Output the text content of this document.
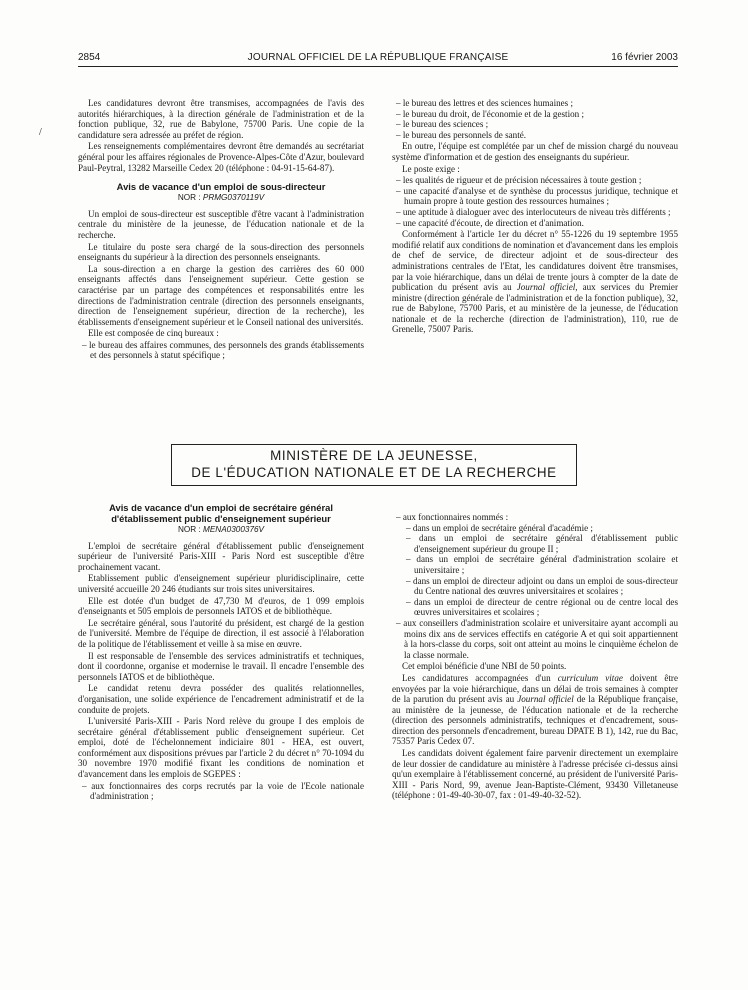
2854	JOURNAL OFFICIEL DE LA RÉPUBLIQUE FRANÇAISE	16 février 2003
/

Les candidatures devront être transmises, accompagnées de l'avis des autorités hiérarchiques, à la direction générale de l'administration et de la fonction publique, 32, rue de Babylone, 75700 Paris. Une copie de la candidature sera adressée au préfet de région.

Les renseignements complémentaires devront être demandés au secrétariat général pour les affaires régionales de Provence-Alpes-Côte d'Azur, boulevard Paul-Peytral, 13282 Marseille Cedex 20 (téléphone : 04-91-15-64-87).

Avis de vacance d'un emploi de sous-directeur
NOR : PRMG0370119V

Un emploi de sous-directeur est susceptible d'être vacant à l'administration centrale du ministère de la jeunesse, de l'éducation nationale et de la recherche.

Le titulaire du poste sera chargé de la sous-direction des personnels enseignants du supérieur à la direction des personnels enseignants.

La sous-direction a en charge la gestion des carrières des 60 000 enseignants affectés dans l'enseignement supérieur. Cette gestion se caractérise par un partage des compétences et responsabilités entre les directions de l'administration centrale (direction des personnels enseignants, direction de l'enseignement supérieur, direction de la recherche), les établissements d'enseignement supérieur et le Conseil national des universités.

Elle est composée de cinq bureaux :

– le bureau des affaires communes, des personnels des grands établissements et des personnels à statut spécifique ;
– le bureau des lettres et des sciences humaines ;
– le bureau du droit, de l'économie et de la gestion ;
– le bureau des sciences ;
– le bureau des personnels de santé.

En outre, l'équipe est complétée par un chef de mission chargé du nouveau système d'information et de gestion des enseignants du supérieur.

Le poste exige :

– les qualités de rigueur et de précision nécessaires à toute gestion ;
– une capacité d'analyse et de synthèse du processus juridique, technique et humain propre à toute gestion des ressources humaines ;
– une aptitude à dialoguer avec des interlocuteurs de niveau très différents ;
– une capacité d'écoute, de direction et d'animation.

Conformément à l'article 1er du décret n° 55-1226 du 19 septembre 1955 modifié relatif aux conditions de nomination et d'avancement dans les emplois de chef de service, de directeur adjoint et de sous-directeur des administrations centrales de l'Etat, les candidatures doivent être transmises, par la voie hiérarchique, dans un délai de trente jours à compter de la date de publication du présent avis au Journal officiel, aux services du Premier ministre (direction générale de l'administration et de la fonction publique), 32, rue de Babylone, 75700 Paris, et au ministère de la jeunesse, de l'éducation nationale et de la recherche (direction de l'administration), 110, rue de Grenelle, 75007 Paris.

MINISTÈRE DE LA JEUNESSE,
DE L'ÉDUCATION NATIONALE ET DE LA RECHERCHE
Avis de vacance d'un emploi de secrétaire général
d'établissement public d'enseignement supérieur
NOR : MENA0300376V

L'emploi de secrétaire général d'établissement public d'enseignement supérieur de l'université Paris-XIII - Paris Nord est susceptible d'être prochainement vacant.

Etablissement public d'enseignement supérieur pluridisciplinaire, cette université accueille 20 246 étudiants sur trois sites universitaires.

Elle est dotée d'un budget de 47,730 M d'euros, de 1 099 emplois d'enseignants et 505 emplois de personnels IATOS et de bibliothèque.

Le secrétaire général, sous l'autorité du président, est chargé de la gestion de l'université. Membre de l'équipe de direction, il est associé à l'élaboration de la politique de l'établissement et veille à sa mise en œuvre.

Il est responsable de l'ensemble des services administratifs et techniques, dont il coordonne, organise et modernise le travail. Il encadre l'ensemble des personnels IATOS et de bibliothèque.

Le candidat retenu devra posséder des qualités relationnelles, d'organisation, une solide expérience de l'encadrement administratif et de la conduite de projets.

L'université Paris-XIII - Paris Nord relève du groupe I des emplois de secrétaire général d'établissement public d'enseignement supérieur. Cet emploi, doté de l'échelonnement indiciaire 801 - HEA, est ouvert, conformément aux dispositions prévues par l'article 2 du décret n° 70-1094 du 30 novembre 1970 modifié fixant les conditions de nomination et d'avancement dans les emplois de SGEPES :

– aux fonctionnaires des corps recrutés par la voie de l'Ecole nationale d'administration ;
– aux fonctionnaires nommés :
– dans un emploi de secrétaire général d'académie ;
– dans un emploi de secrétaire général d'établissement public d'enseignement supérieur du groupe II ;
– dans un emploi de secrétaire général d'administration scolaire et universitaire ;
– dans un emploi de directeur adjoint ou dans un emploi de sous-directeur du Centre national des œuvres universitaires et scolaires ;
– dans un emploi de directeur de centre régional ou de centre local des œuvres universitaires et scolaires ;
– aux conseillers d'administration scolaire et universitaire ayant accompli au moins dix ans de services effectifs en catégorie A et qui soit appartiennent à la hors-classe du corps, soit ont atteint au moins le cinquième échelon de la classe normale.

Cet emploi bénéficie d'une NBI de 50 points.

Les candidatures accompagnées d'un curriculum vitae doivent être envoyées par la voie hiérarchique, dans un délai de trois semaines à compter de la parution du présent avis au Journal officiel de la République française, au ministère de la jeunesse, de l'éducation nationale et de la recherche (direction des personnels administratifs, techniques et d'encadrement, sous-direction des personnels d'encadrement, bureau DPATE B 1), 142, rue du Bac, 75357 Paris Cedex 07.

Les candidats doivent également faire parvenir directement un exemplaire de leur dossier de candidature au ministère à l'adresse précisée ci-dessus ainsi qu'un exemplaire à l'établissement concerné, au président de l'université Paris-XIII - Paris Nord, 99, avenue Jean-Baptiste-Clément, 93430 Villetaneuse (téléphone : 01-49-40-30-07, fax : 01-49-40-32-52).
